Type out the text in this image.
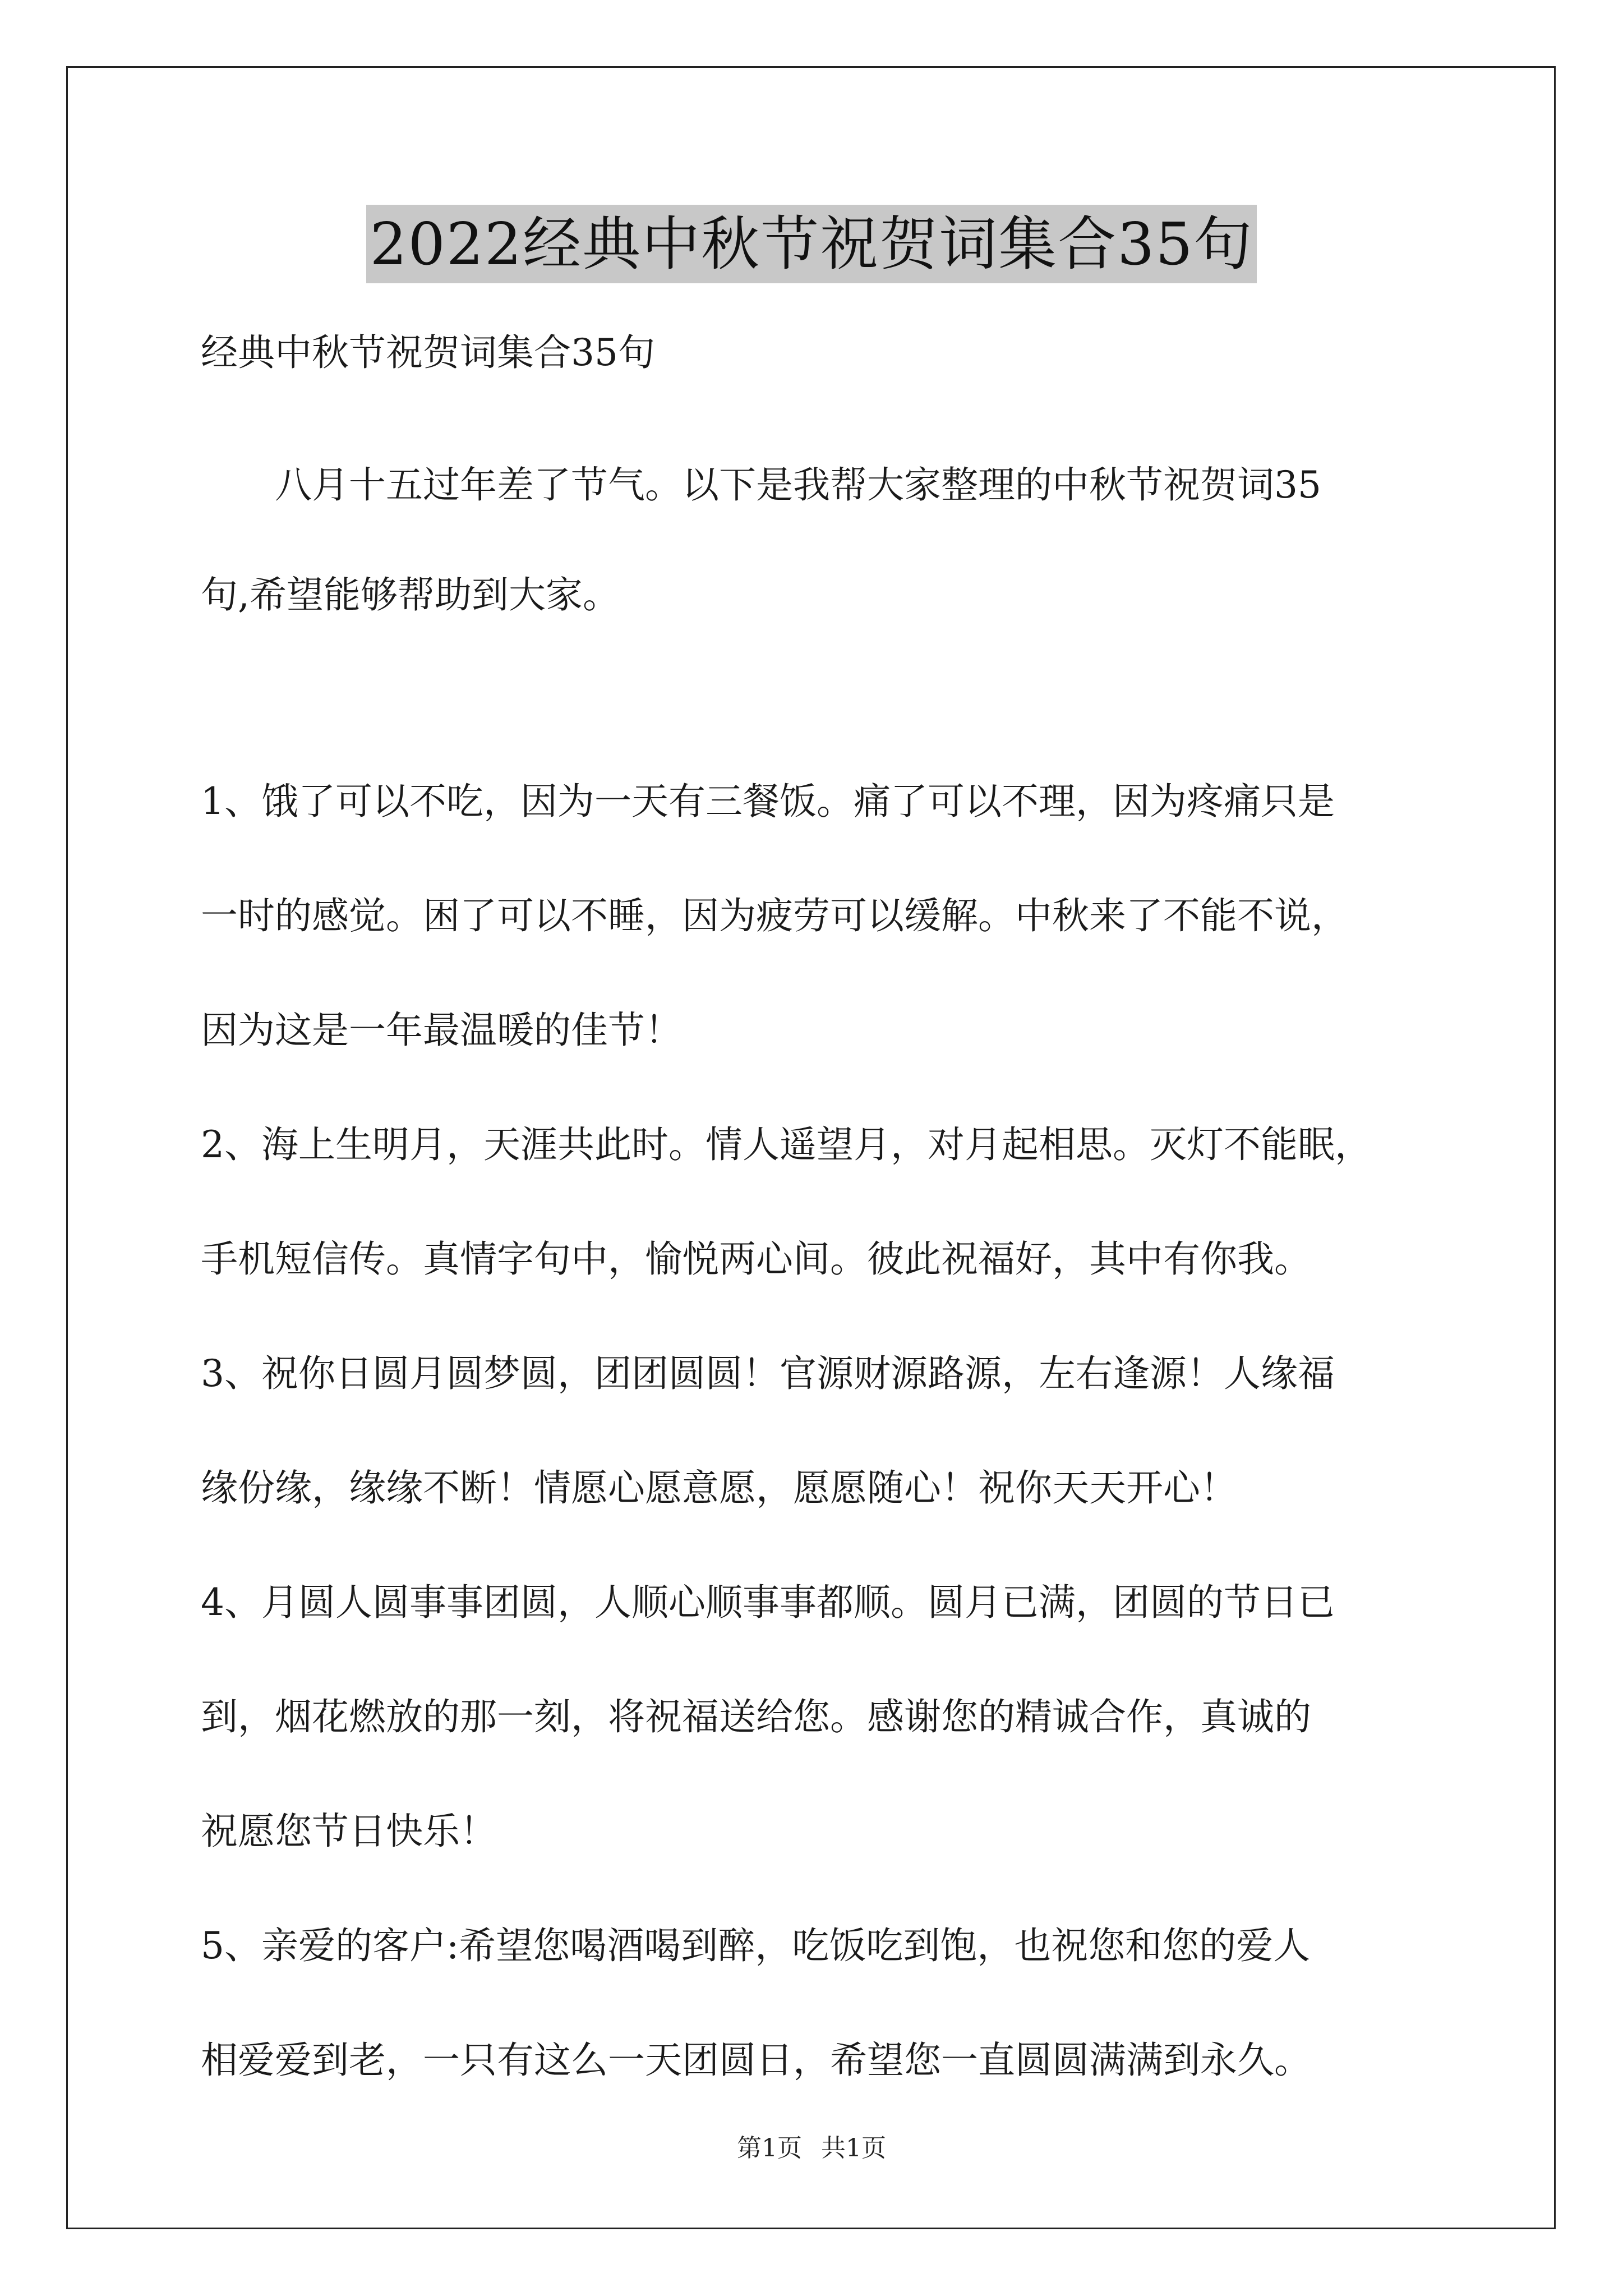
2022经典中秋节祝贺词集合35句

经典中秋节祝贺词集合35句

八月十五过年差了节气。以下是我帮大家整理的中秋节祝贺词35
句,希望能够帮助到大家。
1、饿了可以不吃，因为一天有三餐饭。痛了可以不理，因为疼痛只是
一时的感觉。困了可以不睡，因为疲劳可以缓解。中秋来了不能不说，
因为这是一年最温暖的佳节！
2、海上生明月，天涯共此时。情人遥望月，对月起相思。灭灯不能眠，
手机短信传。真情字句中，愉悦两心间。彼此祝福好，其中有你我。
3、祝你日圆月圆梦圆，团团圆圆！官源财源路源，左右逢源！人缘福
缘份缘，缘缘不断！情愿心愿意愿，愿愿随心！祝你天天开心！
4、月圆人圆事事团圆，人顺心顺事事都顺。圆月已满，团圆的节日已
到，烟花燃放的那一刻，将祝福送给您。感谢您的精诚合作，真诚的
祝愿您节日快乐！
5、亲爱的客户:希望您喝酒喝到醉，吃饭吃到饱，也祝您和您的爱人
相爱爱到老，一只有这么一天团圆日，希望您一直圆圆满满到永久。
第1页 共1页
